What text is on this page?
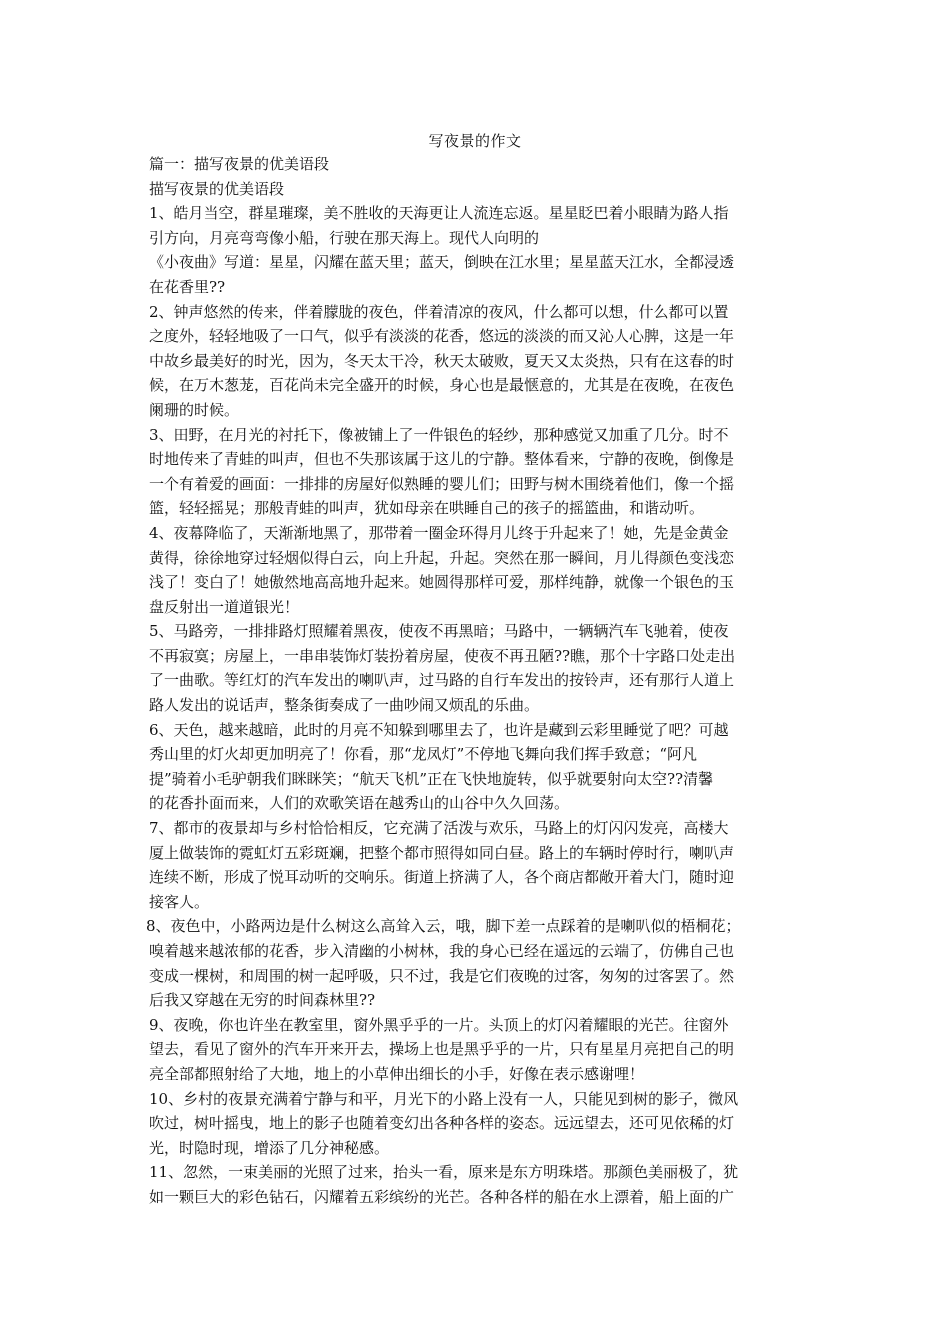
写夜景的作文
篇一：描写夜景的优美语段
描写夜景的优美语段
1、皓月当空，群星璀璨，美不胜收的天海更让人流连忘返。星星眨巴着小眼睛为路人指
引方向，月亮弯弯像小船，行驶在那天海上。现代人向明的
《小夜曲》写道：星星，闪耀在蓝天里；蓝天，倒映在江水里；星星蓝天江水，全都浸透
在花香里??
2、钟声悠然的传来，伴着朦胧的夜色，伴着清凉的夜风，什么都可以想，什么都可以置
之度外，轻轻地吸了一口气，似乎有淡淡的花香，悠远的淡淡的而又沁人心脾，这是一年
中故乡最美好的时光，因为，冬天太干冷，秋天太破败，夏天又太炎热，只有在这春的时
候，在万木葱茏，百花尚未完全盛开的时候，身心也是最惬意的，尤其是在夜晚，在夜色
阑珊的时候。
3、田野，在月光的衬托下，像被铺上了一件银色的轻纱，那种感觉又加重了几分。时不
时地传来了青蛙的叫声，但也不失那该属于这儿的宁静。整体看来，宁静的夜晚，倒像是
一个有着爱的画面：一排排的房屋好似熟睡的婴儿们；田野与树木围绕着他们，像一个摇
篮，轻轻摇晃；那般青蛙的叫声，犹如母亲在哄睡自己的孩子的摇篮曲，和谐动听。
4、夜幕降临了，天渐渐地黑了，那带着一圈金环得月儿终于升起来了！她，先是金黄金
黄得，徐徐地穿过轻烟似得白云，向上升起，升起。突然在那一瞬间，月儿得颜色变浅恋
浅了！变白了！她傲然地高高地升起来。她圆得那样可爱，那样纯静，就像一个银色的玉
盘反射出一道道银光！
5、马路旁，一排排路灯照耀着黑夜，使夜不再黑暗；马路中，一辆辆汽车飞驰着，使夜
不再寂寞；房屋上，一串串装饰灯装扮着房屋，使夜不再丑陋??瞧，那个十字路口处走出
了一曲歌。等红灯的汽车发出的喇叭声，过马路的自行车发出的按铃声，还有那行人道上
路人发出的说话声，整条街奏成了一曲吵闹又烦乱的乐曲。
6、天色，越来越暗，此时的月亮不知躲到哪里去了，也许是藏到云彩里睡觉了吧？可越
秀山里的灯火却更加明亮了！你看，那“龙凤灯”不停地飞舞向我们挥手致意；“阿凡
提”骑着小毛驴朝我们眯眯笑；“航天飞机”正在飞快地旋转，似乎就要射向太空??清馨
的花香扑面而来，人们的欢歌笑语在越秀山的山谷中久久回荡。
7、都市的夜景却与乡村恰恰相反，它充满了活泼与欢乐，马路上的灯闪闪发亮，高楼大
厦上做装饰的霓虹灯五彩斑斓，把整个都市照得如同白昼。路上的车辆时停时行，喇叭声
连续不断，形成了悦耳动听的交响乐。街道上挤满了人，各个商店都敞开着大门，随时迎
接客人。
8、夜色中，小路两边是什么树这么高耸入云，哦，脚下差一点踩着的是喇叭似的梧桐花；
嗅着越来越浓郁的花香，步入清幽的小树林，我的身心已经在遥远的云端了，仿佛自己也
变成一棵树，和周围的树一起呼吸，只不过，我是它们夜晚的过客，匆匆的过客罢了。然
后我又穿越在无穷的时间森林里??
9、夜晚，你也许坐在教室里，窗外黑乎乎的一片。头顶上的灯闪着耀眼的光芒。往窗外
望去，看见了窗外的汽车开来开去，操场上也是黑乎乎的一片，只有星星月亮把自己的明
亮全部都照射给了大地，地上的小草伸出细长的小手，好像在表示感谢哩！
10、乡村的夜景充满着宁静与和平，月光下的小路上没有一人，只能见到树的影子，微风
吹过，树叶摇曳，地上的影子也随着变幻出各种各样的姿态。远远望去，还可见依稀的灯
光，时隐时现，增添了几分神秘感。
11、忽然，一束美丽的光照了过来，抬头一看，原来是东方明珠塔。那颜色美丽极了，犹
如一颗巨大的彩色钻石，闪耀着五彩缤纷的光芒。各种各样的船在水上漂着，船上面的广
